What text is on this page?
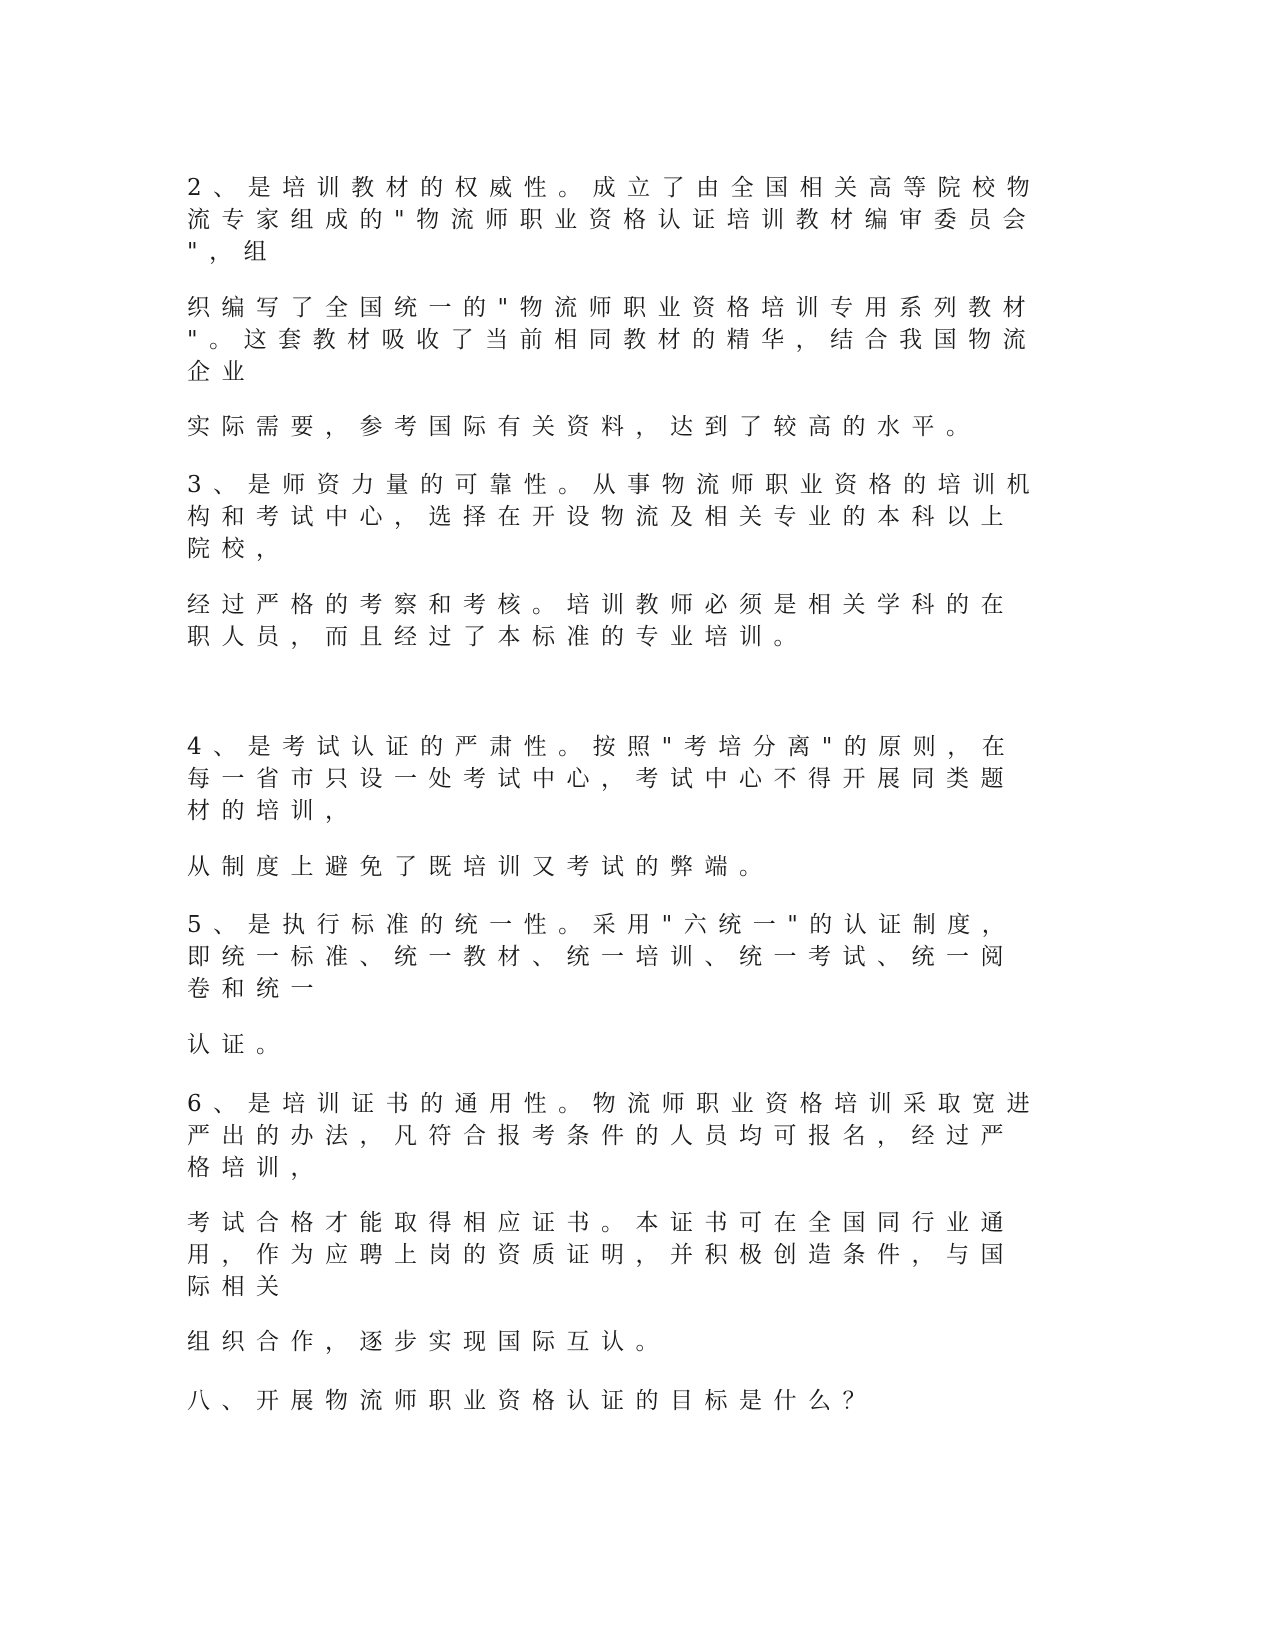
2、是培训教材的权威性。成立了由全国相关高等院校物
流专家组成的"物流师职业资格认证培训教材编审委员会
"，组
织编写了全国统一的"物流师职业资格培训专用系列教材
"。这套教材吸收了当前相同教材的精华，结合我国物流
企业
实际需要，参考国际有关资料，达到了较高的水平。
3、是师资力量的可靠性。从事物流师职业资格的培训机
构和考试中心，选择在开设物流及相关专业的本科以上
院校，
经过严格的考察和考核。培训教师必须是相关学科的在
职人员，而且经过了本标准的专业培训。
4、是考试认证的严肃性。按照"考培分离"的原则，在
每一省市只设一处考试中心，考试中心不得开展同类题
材的培训，
从制度上避免了既培训又考试的弊端。
5、是执行标准的统一性。采用"六统一"的认证制度，
即统一标准、统一教材、统一培训、统一考试、统一阅
卷和统一
认证。
6、是培训证书的通用性。物流师职业资格培训采取宽进
严出的办法，凡符合报考条件的人员均可报名，经过严
格培训，
考试合格才能取得相应证书。本证书可在全国同行业通
用，作为应聘上岗的资质证明，并积极创造条件，与国
际相关
组织合作，逐步实现国际互认。
八、开展物流师职业资格认证的目标是什么？
